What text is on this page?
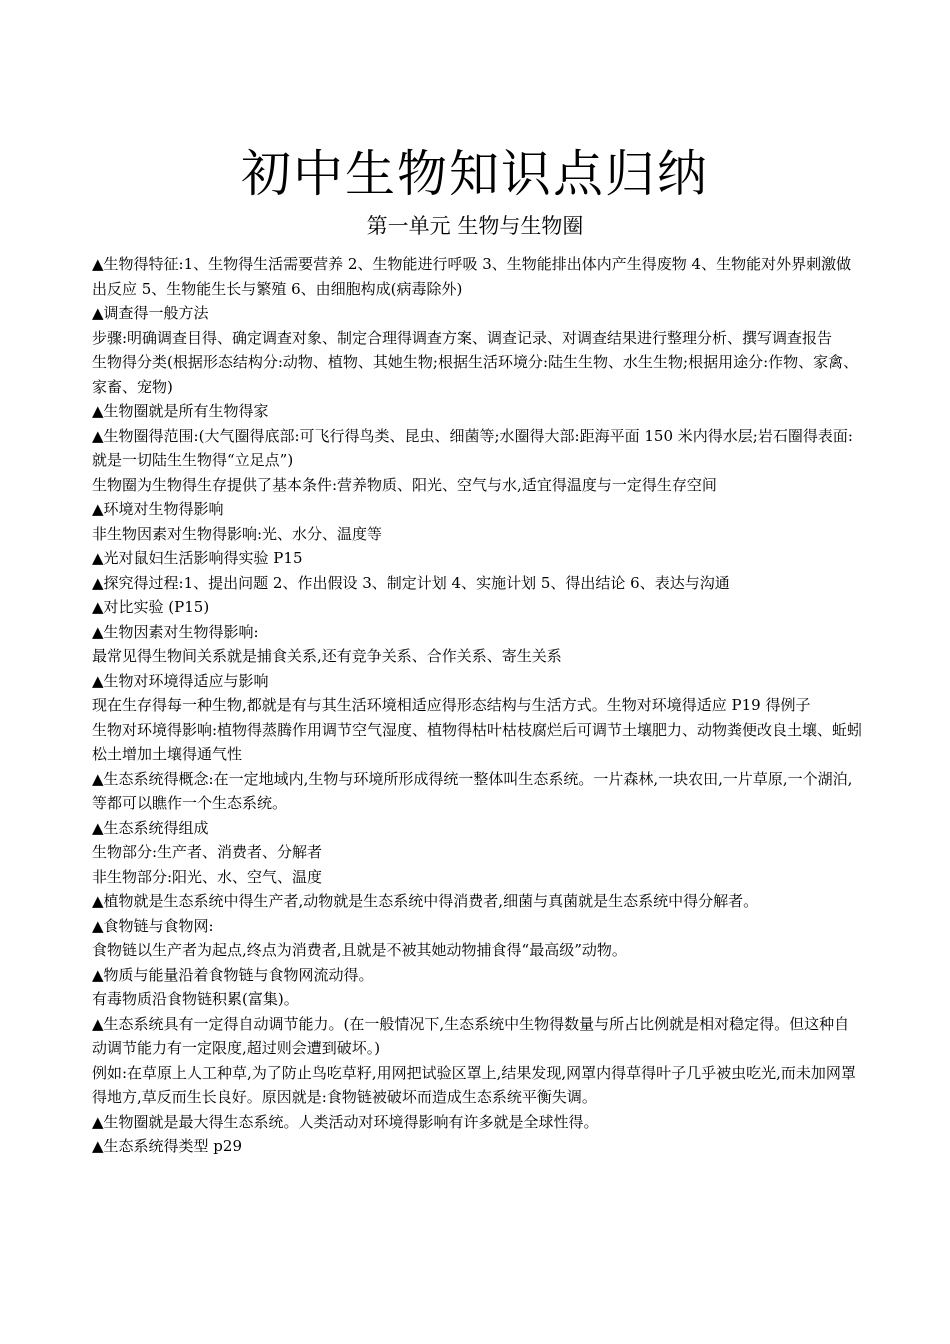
初中生物知识点归纳
第一单元 生物与生物圈

▲生物得特征:1、生物得生活需要营养 2、生物能进行呼吸 3、生物能排出体内产生得废物 4、生物能对外界刺激做出反应 5、生物能生长与繁殖 6、由细胞构成(病毒除外)

▲调查得一般方法

步骤:明确调查目得、确定调查对象、制定合理得调查方案、调查记录、对调查结果进行整理分析、撰写调查报告

生物得分类(根据形态结构分:动物、植物、其她生物;根据生活环境分:陆生生物、水生生物;根据用途分:作物、家禽、家畜、宠物)

▲生物圈就是所有生物得家

▲生物圈得范围:(大气圈得底部:可飞行得鸟类、昆虫、细菌等;水圈得大部:距海平面 150 米内得水层;岩石圈得表面:就是一切陆生生物得“立足点”)

生物圈为生物得生存提供了基本条件:营养物质、阳光、空气与水,适宜得温度与一定得生存空间

▲环境对生物得影响

非生物因素对生物得影响:光、水分、温度等

▲光对鼠妇生活影响得实验 P15

▲探究得过程:1、提出问题 2、作出假设 3、制定计划 4、实施计划 5、得出结论 6、表达与沟通

▲对比实验 (P15)

▲生物因素对生物得影响:

最常见得生物间关系就是捕食关系,还有竞争关系、合作关系、寄生关系

▲生物对环境得适应与影响

现在生存得每一种生物,都就是有与其生活环境相适应得形态结构与生活方式。生物对环境得适应 P19 得例子

生物对环境得影响:植物得蒸腾作用调节空气湿度、植物得枯叶枯枝腐烂后可调节土壤肥力、动物粪便改良土壤、蚯蚓松土增加土壤得通气性

▲生态系统得概念:在一定地域内,生物与环境所形成得统一整体叫生态系统。一片森林,一块农田,一片草原,一个湖泊,等都可以瞧作一个生态系统。

▲生态系统得组成

生物部分:生产者、消费者、分解者

非生物部分:阳光、水、空气、温度

▲植物就是生态系统中得生产者,动物就是生态系统中得消费者,细菌与真菌就是生态系统中得分解者。

▲食物链与食物网:

食物链以生产者为起点,终点为消费者,且就是不被其她动物捕食得“最高级”动物。

▲物质与能量沿着食物链与食物网流动得。

有毒物质沿食物链积累(富集)。

▲生态系统具有一定得自动调节能力。(在一般情况下,生态系统中生物得数量与所占比例就是相对稳定得。但这种自动调节能力有一定限度,超过则会遭到破坏。)

例如:在草原上人工种草,为了防止鸟吃草籽,用网把试验区罩上,结果发现,网罩内得草得叶子几乎被虫吃光,而未加网罩得地方,草反而生长良好。原因就是:食物链被破坏而造成生态系统平衡失调。

▲生物圈就是最大得生态系统。人类活动对环境得影响有许多就是全球性得。

▲生态系统得类型 p29
